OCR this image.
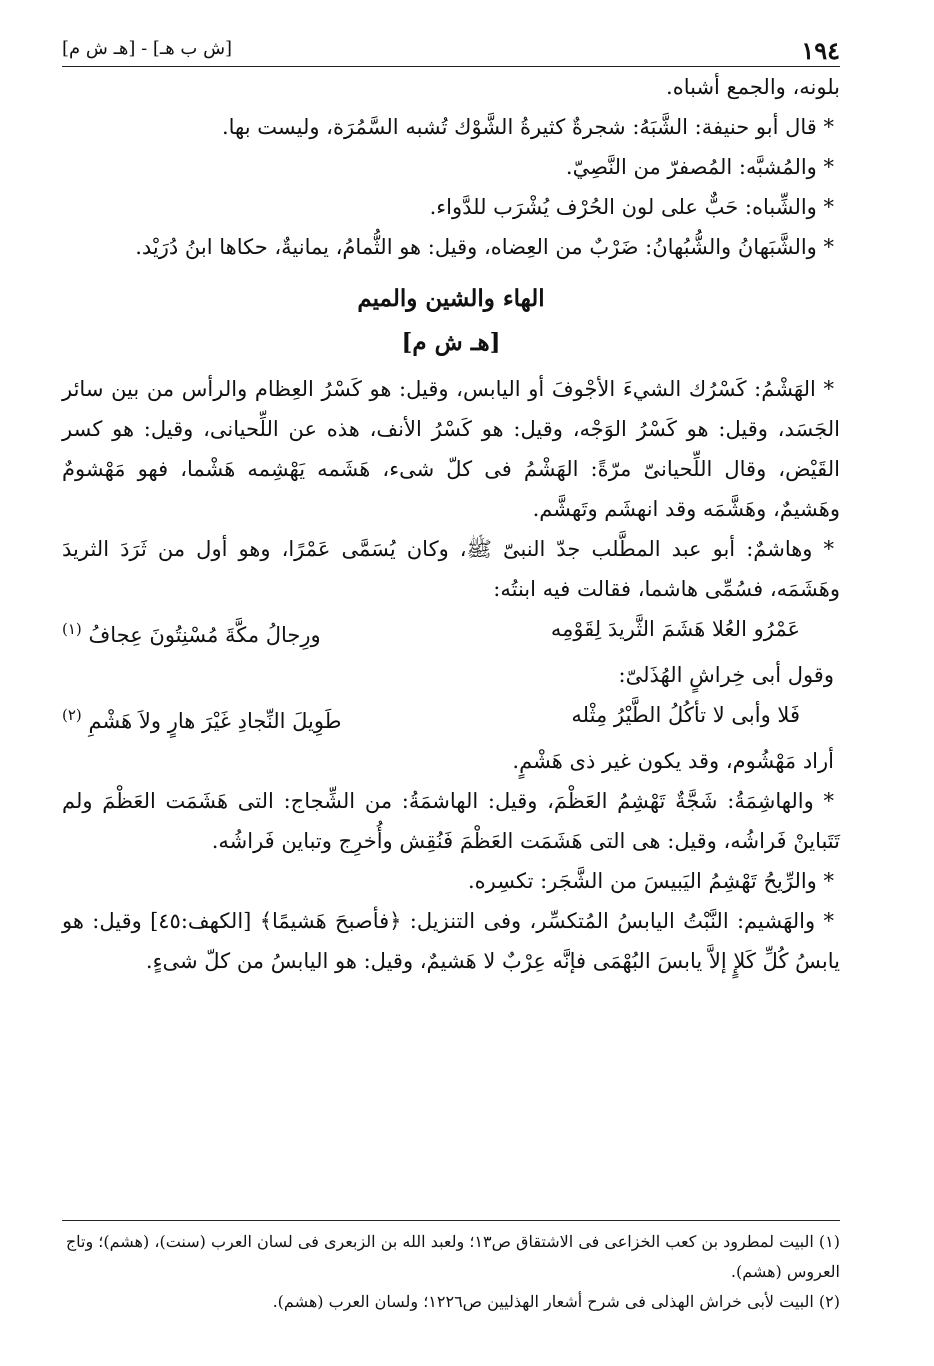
١٩٤
[ش ب هـ] - [هـ ش م]

بلونه، والجمع أشباه.

* قال أبو حنيفة: الشَّبَهُ: شجرةٌ كثيرةُ الشَّوْك تُشبه السَّمُرَة، وليست بها.

* والمُشبَّه: المُصفرّ من النَّصِيّ.

* والشِّباه: حَبٌّ على لون الحُرْف يُشْرَب للدَّواء.

* والشَّبَهانُ والشُّبُهانُ: ضَرْبٌ من العِضاه، وقيل: هو الثُّمامُ، يمانيةٌ، حكاها ابنُ دُرَيْد.

الهاء والشين والميم
[هـ ش م]

* الهَشْمُ: كَسْرُك الشيءَ الأجْوفَ أو اليابس، وقيل: هو كَسْرُ العِظام والرأس من بين سائر الجَسَد، وقيل: هو كَسْرُ الوَجْه، وقيل: هو كَسْرُ الأنف، هذه عن اللِّحيانى، وقيل: هو كسر القَيْض، وقال اللِّحيانىّ مرّةً: الهَشْمُ فى كلّ شىء، هَشَمه يَهْشِمه هَشْما، فهو مَهْشومٌ وهَشيمٌ، وهَشَّمَه وقد انهشَم وتَهشَّم.

* وهاشمٌ: أبو عبد المطَّلب جدّ النبىّ ﷺ، وكان يُسَمَّى عَمْرًا، وهو أول من ثَرَدَ الثريدَ وهَشَمَه، فسُمِّى هاشما، فقالت فيه ابنتُه:

عَمْرُو العُلا هَشَمَ الثَّريدَ لِقَوْمِه
ورِجالُ مكَّةَ مُسْنِتُونَ عِجافُ $^{(١)}$

وقول أبى خِراشٍ الهُذَلىّ:

فَلا وأبى لا تأكُلُ الطَّيْرُ مِثْله
طَوِيلَ النِّجادِ غَيْرَ هارٍ ولاَ هَشْمِ $^{(٢)}$

أراد مَهْشُوم، وقد يكون غير ذى هَشْمٍ.

* والهاشِمَةُ: شَجَّةٌ تَهْشِمُ العَظْمَ، وقيل: الهاشمَةُ: من الشِّجاج: التى هَشَمَت العَظْمَ ولم تَتَباينْ فَراشُه، وقيل: هى التى هَشَمَت العَظْمَ فَنُقِش وأُخرِج وتباين فَراشُه.

* والرِّيحُ تَهْشِمُ اليَبيسَ من الشَّجَر: تكسِره.

* والهَشيم: النَّبْتُ اليابسُ المُتكسِّر، وفى التنزيل: ﴿فأصبحَ هَشيمًا﴾ [الكهف:٤٥] وقيل: هو يابسُ كُلِّ كَلإٍ إلاَّ يابسَ البُهْمَى فإنَّه عِرْبٌ لا هَشيمٌ، وقيل: هو اليابسُ من كلّ شىءٍ.

(١) البيت لمطرود بن كعب الخزاعى فى الاشتقاق ص١٣؛ ولعبد الله بن الزبعرى فى لسان العرب (سنت)، (هشم)؛ وتاج العروس (هشم).

(٢) البيت لأبى خراش الهذلى فى شرح أشعار الهذليين ص١٢٢٦؛ ولسان العرب (هشم).
